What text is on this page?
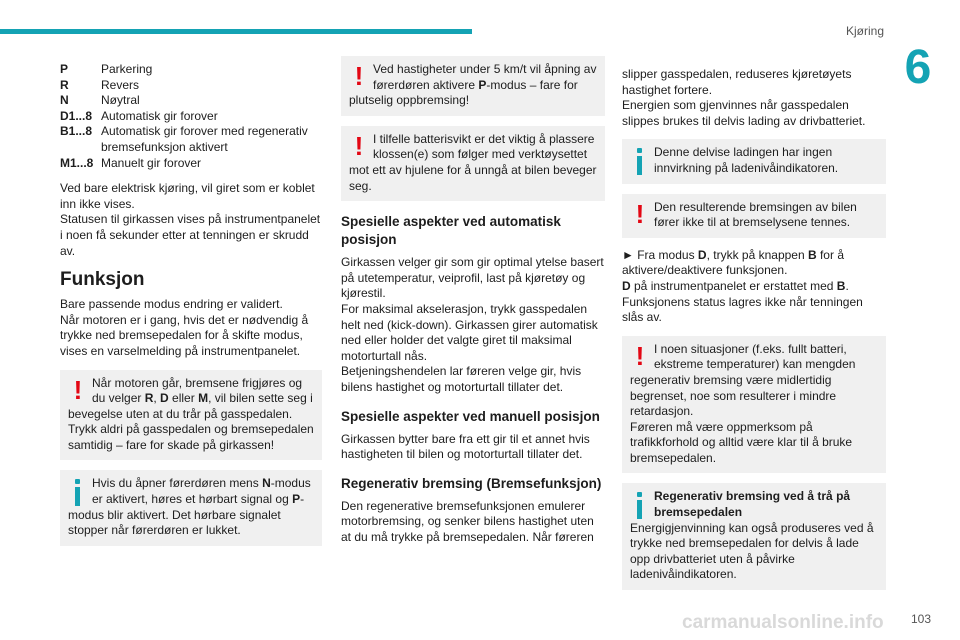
Kjøring
6
P	Parkering
R	Revers
N	Nøytral
D1...8 Automatisk gir forover
B1...8 Automatisk gir forover med regenerativ bremsefunksjon aktivert
M1...8 Manuelt gir forover

Ved bare elektrisk kjøring, vil giret som er koblet inn ikke vises.
Statusen til girkassen vises på instrumentpanelet i noen få sekunder etter at tenningen er skrudd av.

Funksjon

Bare passende modus endring er validert.
Når motoren er i gang, hvis det er nødvendig å trykke ned bremsepedalen for å skifte modus, vises en varselmelding på instrumentpanelet.

! Når motoren går, bremsene frigjøres og du velger R, D eller M, vil bilen sette seg i bevegelse uten at du trår på gasspedalen.
Trykk aldri på gasspedalen og bremsepedalen samtidig – fare for skade på girkassen!
Hvis du åpner førerdøren mens N-modus er aktivert, høres et hørbart signal og P-modus blir aktivert. Det hørbare signalet stopper når førerdøren er lukket.
! Ved hastigheter under 5 km/t vil åpning av førerdøren aktivere P-modus – fare for plutselig oppbremsing!
! I tilfelle batterisvikt er det viktig å plassere klossen(e) som følger med verktøysettet mot ett av hjulene for å unngå at bilen beveger seg.
Spesielle aspekter ved automatisk posisjon

Girkassen velger gir som gir optimal ytelse basert på utetemperatur, veiprofil, last på kjøretøy og kjørestil.
For maksimal akselerasjon, trykk gasspedalen helt ned (kick-down). Girkassen girer automatisk ned eller holder det valgte giret til maksimal motorturtall nås.
Betjeningshendelen lar føreren velge gir, hvis bilens hastighet og motorturtall tillater det.

Spesielle aspekter ved manuell posisjon

Girkassen bytter bare fra ett gir til et annet hvis hastigheten til bilen og motorturtall tillater det.

Regenerativ bremsing (Bremsefunksjon)

Den regenerative bremsefunksjonen emulerer motorbremsing, og senker bilens hastighet uten at du må trykke på bremsepedalen. Når føreren

slipper gasspedalen, reduseres kjøretøyets hastighet fortere.
Energien som gjenvinnes når gasspedalen slippes brukes til delvis lading av drivbatteriet.

Denne delvise ladingen har ingen innvirkning på ladenivåindikatoren.
! Den resulterende bremsingen av bilen fører ikke til at bremselysene tennes.

► Fra modus D, trykk på knappen B for å aktivere/deaktivere funksjonen.
D på instrumentpanelet er erstattet med B.
Funksjonens status lagres ikke når tenningen slås av.

! I noen situasjoner (f.eks. fullt batteri, ekstreme temperaturer) kan mengden regenerativ bremsing være midlertidig begrenset, noe som resulterer i mindre retardasjon.
Føreren må være oppmerksom på trafikkforhold og alltid være klar til å bruke bremsepedalen.
Regenerativ bremsing ved å trå på bremsepedalen
Energigjenvinning kan også produseres ved å trykke ned bremsepedalen for delvis å lade opp drivbatteriet uten å påvirke ladenivåindikatoren.
carmanualsonline.info 103
